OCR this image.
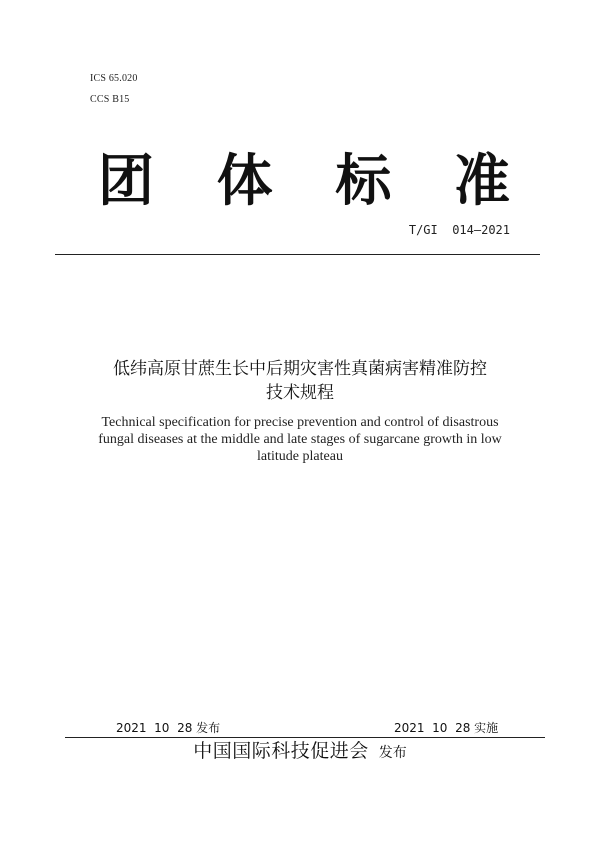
ICS 65.020
CCS B15
团 体 标 准
T/GI  014—2021
低纬高原甘蔗生长中后期灾害性真菌病害精准防控
技术规程
Technical specification for precise prevention and control of disastrous
fungal diseases at the middle and late stages of sugarcane growth in low
latitude plateau
2021  10  28 发布	2021  10  28 实施
中国国际科技促进会 发布
